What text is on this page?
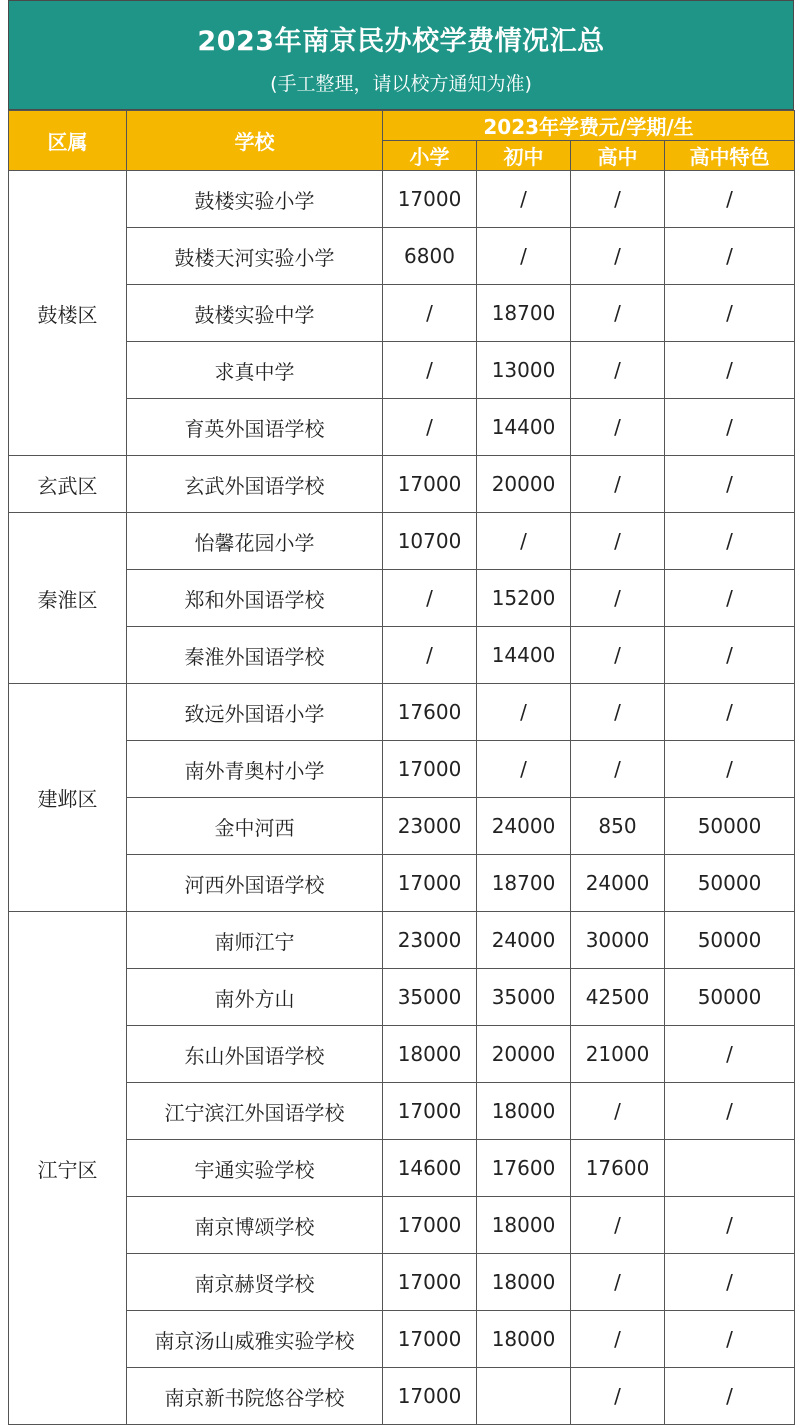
2023年南京民办校学费情况汇总
(手工整理，请以校方通知为准)
区属	学校	2023年学费元/学期/生			
		小学	初中	高中	高中特色
鼓楼区	鼓楼实验小学	17000	/	/	/
	鼓楼天河实验小学	6800	/	/	/
	鼓楼实验中学	/	18700	/	/
	求真中学	/	13000	/	/
	育英外国语学校	/	14400	/	/
玄武区	玄武外国语学校	17000	20000	/	/
秦淮区	怡馨花园小学	10700	/	/	/
	郑和外国语学校	/	15200	/	/
	秦淮外国语学校	/	14400	/	/
建邺区	致远外国语小学	17600	/	/	/
	南外青奥村小学	17000	/	/	/
	金中河西	23000	24000	850	50000
	河西外国语学校	17000	18700	24000	50000
江宁区	南师江宁	23000	24000	30000	50000
	南外方山	35000	35000	42500	50000
	东山外国语学校	18000	20000	21000	/
	江宁滨江外国语学校	17000	18000	/	/
	宇通实验学校	14600	17600	17600	
	南京博颂学校	17000	18000	/	/
	南京赫贤学校	17000	18000	/	/
	南京汤山威雅实验学校	17000	18000	/	/
	南京新书院悠谷学校	17000		/	/
